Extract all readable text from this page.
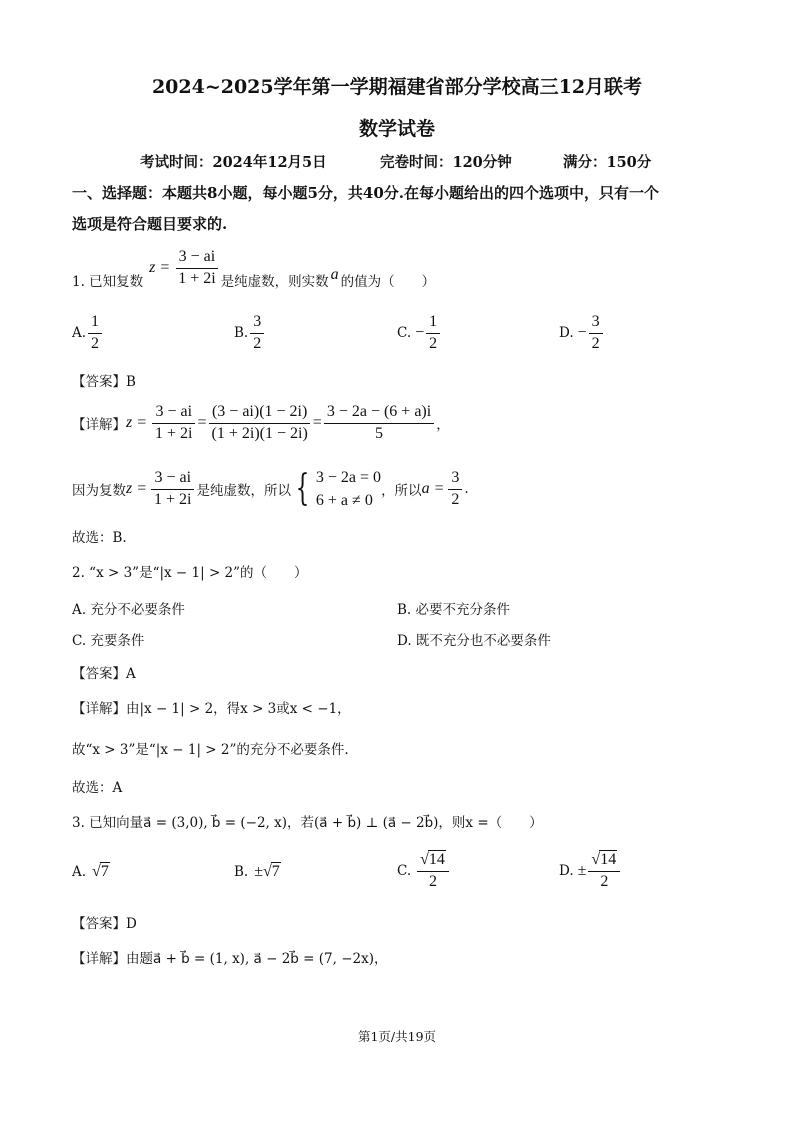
2024~2025学年第一学期福建省部分学校高三12月联考
数学试卷
考试时间：2024年12月5日	完卷时间：120分钟	满分：150分
一、选择题：本题共8小题，每小题5分，共40分.在每小题给出的四个选项中，只有一个
选项是符合题目要求的.
1. 已知复数
$z = \frac{3 - ai}{1 + 2i}$ 是纯虚数，则实数 a 的值为（　　）
A. $\frac{1}{2}$	B. $\frac{3}{2}$	C. − $\frac{1}{2}$	D. − $\frac{3}{2}$
【答案】B
【详解】 $z = \frac{3 - ai}{1 + 2i} = \frac{(3 - ai)(1 - 2i)}{(1 + 2i)(1 - 2i)} = \frac{3 - 2a - (6 + a)i}{5}$ ，
因为复数 $z = \frac{3 - ai}{1 + 2i}$ 是纯虚数，所以 { 3 − 2a = 0
6 + a ≠ 0
，所以 $a = \frac{3}{2}$ .
故选：B.
2. “x > 3”是“|x − 1| > 2”的（　　）
A. 充分不必要条件	B. 必要不充分条件
C. 充要条件	D. 既不充分也不必要条件
【答案】A
【详解】由|x − 1| > 2，得x > 3或x < −1，
故“x > 3”是“|x − 1| > 2”的充分不必要条件.
故选：A
3. 已知向量a⃗ = (3,0), b⃗ = (−2, x)，若(a⃗ + b⃗) ⊥ (a⃗ − 2b⃗)，则x =（　　）
A. √ 7	B. ± √ 7	C. $\frac{√14}{2}$	D. ± $\frac{√14}{2}$
【答案】D
【详解】由题a⃗ + b⃗ = (1, x), a⃗ − 2b⃗ = (7, −2x)，
第1页/共19页
